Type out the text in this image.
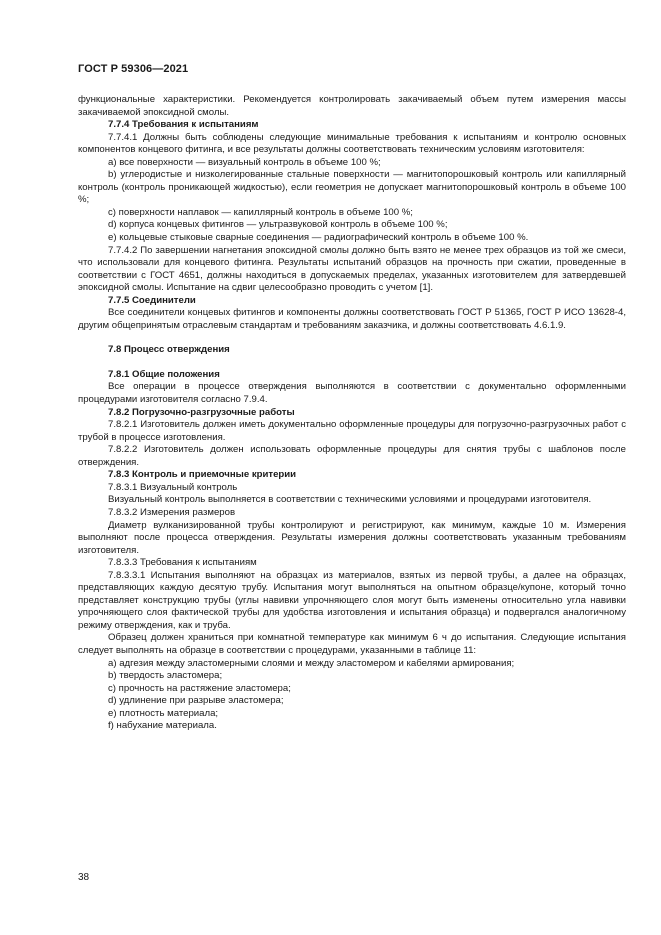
ГОСТ Р 59306—2021

функциональные характеристики. Рекомендуется контролировать закачиваемый объем путем измерения массы закачиваемой эпоксидной смолы.

7.7.4 Требования к испытаниям

7.7.4.1 Должны быть соблюдены следующие минимальные требования к испытаниям и контролю основных компонентов концевого фитинга, и все результаты должны соответствовать техническим условиям изготовителя:

a) все поверхности — визуальный контроль в объеме 100 %;

b) углеродистые и низколегированные стальные поверхности — магнитопорошковый контроль или капиллярный контроль (контроль проникающей жидкостью), если геометрия не допускает магнитопорошковый контроль в объеме 100 %;

c) поверхности наплавок — капиллярный контроль в объеме 100 %;

d) корпуса концевых фитингов — ультразвуковой контроль в объеме 100 %;

e) кольцевые стыковые сварные соединения — радиографический контроль в объеме 100 %.

7.7.4.2 По завершении нагнетания эпоксидной смолы должно быть взято не менее трех образцов из той же смеси, что использовали для концевого фитинга. Результаты испытаний образцов на прочность при сжатии, проведенные в соответствии с ГОСТ 4651, должны находиться в допускаемых пределах, указанных изготовителем для затвердевшей эпоксидной смолы. Испытание на сдвиг целесообразно проводить с учетом [1].

7.7.5 Соединители

Все соединители концевых фитингов и компоненты должны соответствовать ГОСТ Р 51365, ГОСТ Р ИСО 13628-4, другим общепринятым отраслевым стандартам и требованиям заказчика, и должны соответствовать 4.6.1.9.

7.8 Процесс отверждения

7.8.1 Общие положения

Все операции в процессе отверждения выполняются в соответствии с документально оформленными процедурами изготовителя согласно 7.9.4.

7.8.2 Погрузочно-разгрузочные работы

7.8.2.1 Изготовитель должен иметь документально оформленные процедуры для погрузочно-разгрузочных работ с трубой в процессе изготовления.

7.8.2.2 Изготовитель должен использовать оформленные процедуры для снятия трубы с шаблонов после отверждения.

7.8.3 Контроль и приемочные критерии

7.8.3.1 Визуальный контроль

Визуальный контроль выполняется в соответствии с техническими условиями и процедурами изготовителя.

7.8.3.2 Измерения размеров

Диаметр вулканизированной трубы контролируют и регистрируют, как минимум, каждые 10 м. Измерения выполняют после процесса отверждения. Результаты измерения должны соответствовать указанным требованиям изготовителя.

7.8.3.3 Требования к испытаниям

7.8.3.3.1 Испытания выполняют на образцах из материалов, взятых из первой трубы, а далее на образцах, представляющих каждую десятую трубу. Испытания могут выполняться на опытном образце/купоне, который точно представляет конструкцию трубы (углы навивки упрочняющего слоя могут быть изменены относительно угла навивки упрочняющего слоя фактической трубы для удобства изготовления и испытания образца) и подвергался аналогичному режиму отверждения, как и труба.

Образец должен храниться при комнатной температуре как минимум 6 ч до испытания. Следующие испытания следует выполнять на образце в соответствии с процедурами, указанными в таблице 11:

a) адгезия между эластомерными слоями и между эластомером и кабелями армирования;

b) твердость эластомера;

c) прочность на растяжение эластомера;

d) удлинение при разрыве эластомера;

e) плотность материала;

f) набухание материала.

38
